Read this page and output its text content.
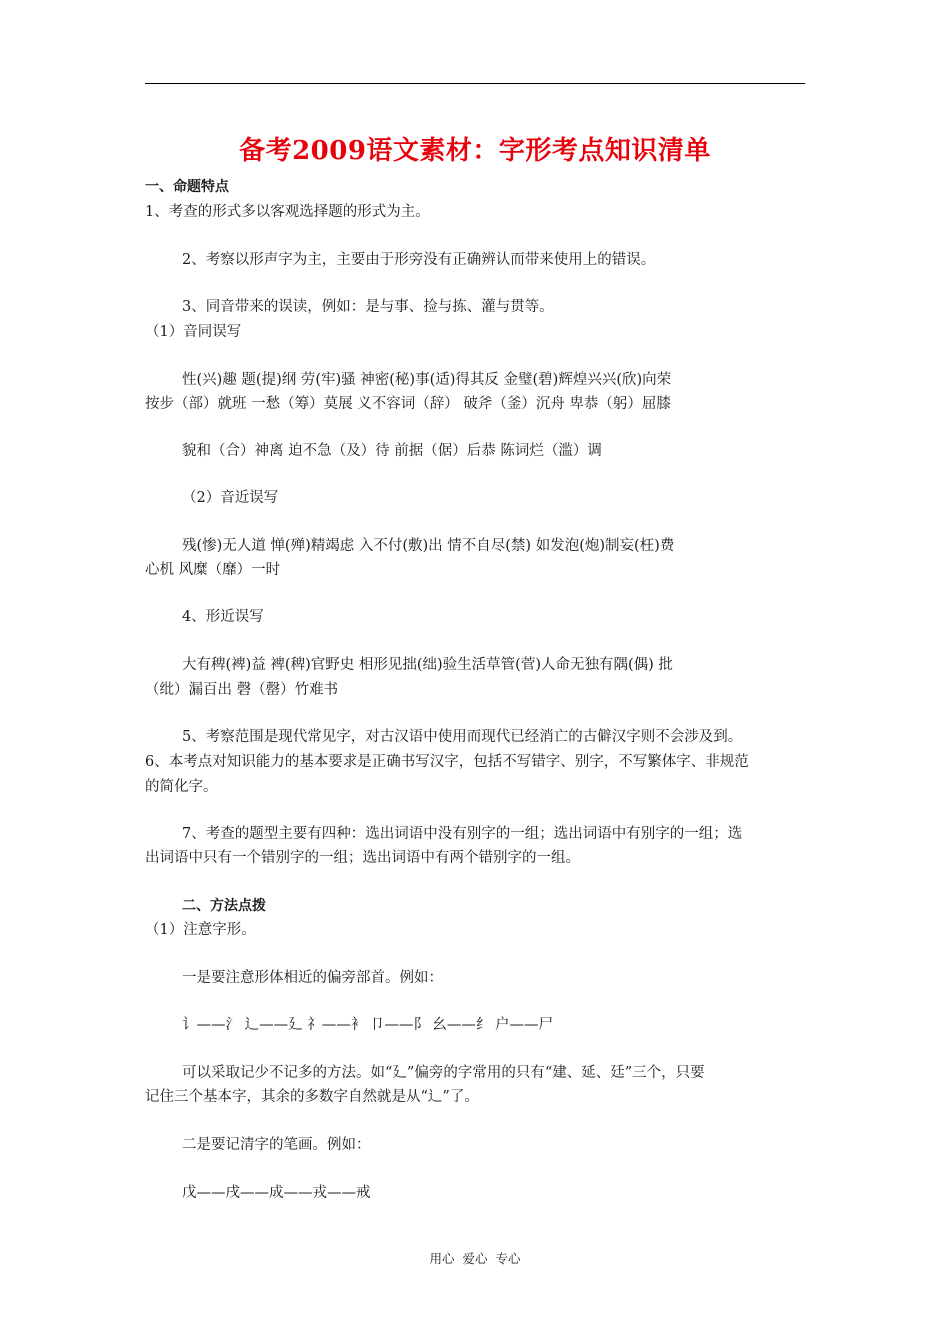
备考2009语文素材：字形考点知识清单
一、命题特点
1、考查的形式多以客观选择题的形式为主。
2、考察以形声字为主，主要由于形旁没有正确辨认而带来使用上的错误。
3、同音带来的误读，例如：是与事、捡与拣、灌与贯等。
（1）音同误写
性(兴)趣 题(提)纲 劳(牢)骚 神密(秘)事(适)得其反 金璧(碧)辉煌兴兴(欣)向荣
按步（部）就班 一愁（筹）莫展 义不容词（辞） 破斧（釜）沉舟 卑恭（躬）屈膝
貌和（合）神离 迫不急（及）待 前据（倨）后恭 陈词烂（滥）调
（2）音近误写
残(惨)无人道 惮(殚)精竭虑 入不付(敷)出 情不自尽(禁) 如发泡(炮)制妄(枉)费
心机 风糜（靡）一时
4、形近误写
大有稗(裨)益 裨(稗)官野史 相形见拙(绌)验生活草管(菅)人命无独有隅(偶) 批
（纰）漏百出 磬（罄）竹难书
5、考察范围是现代常见字，对古汉语中使用而现代已经消亡的古僻汉字则不会涉及到。
6、本考点对知识能力的基本要求是正确书写汉字，包括不写错字、别字，不写繁体字、非规范
的简化字。
7、考查的题型主要有四种：选出词语中没有别字的一组；选出词语中有别字的一组；选
出词语中只有一个错别字的一组；选出词语中有两个错别字的一组。
二、方法点拨
（1）注意字形。
一是要注意形体相近的偏旁部首。例如：
讠——氵 辶——廴 礻——衤 卩——阝 幺——纟 户——尸
可以采取记少不记多的方法。如“廴”偏旁的字常用的只有“建、延、廷”三个，只要
记住三个基本字，其余的多数字自然就是从“辶”了。
二是要记清字的笔画。例如：
戊——戌——成——戎——戒
用心  爱心  专心
